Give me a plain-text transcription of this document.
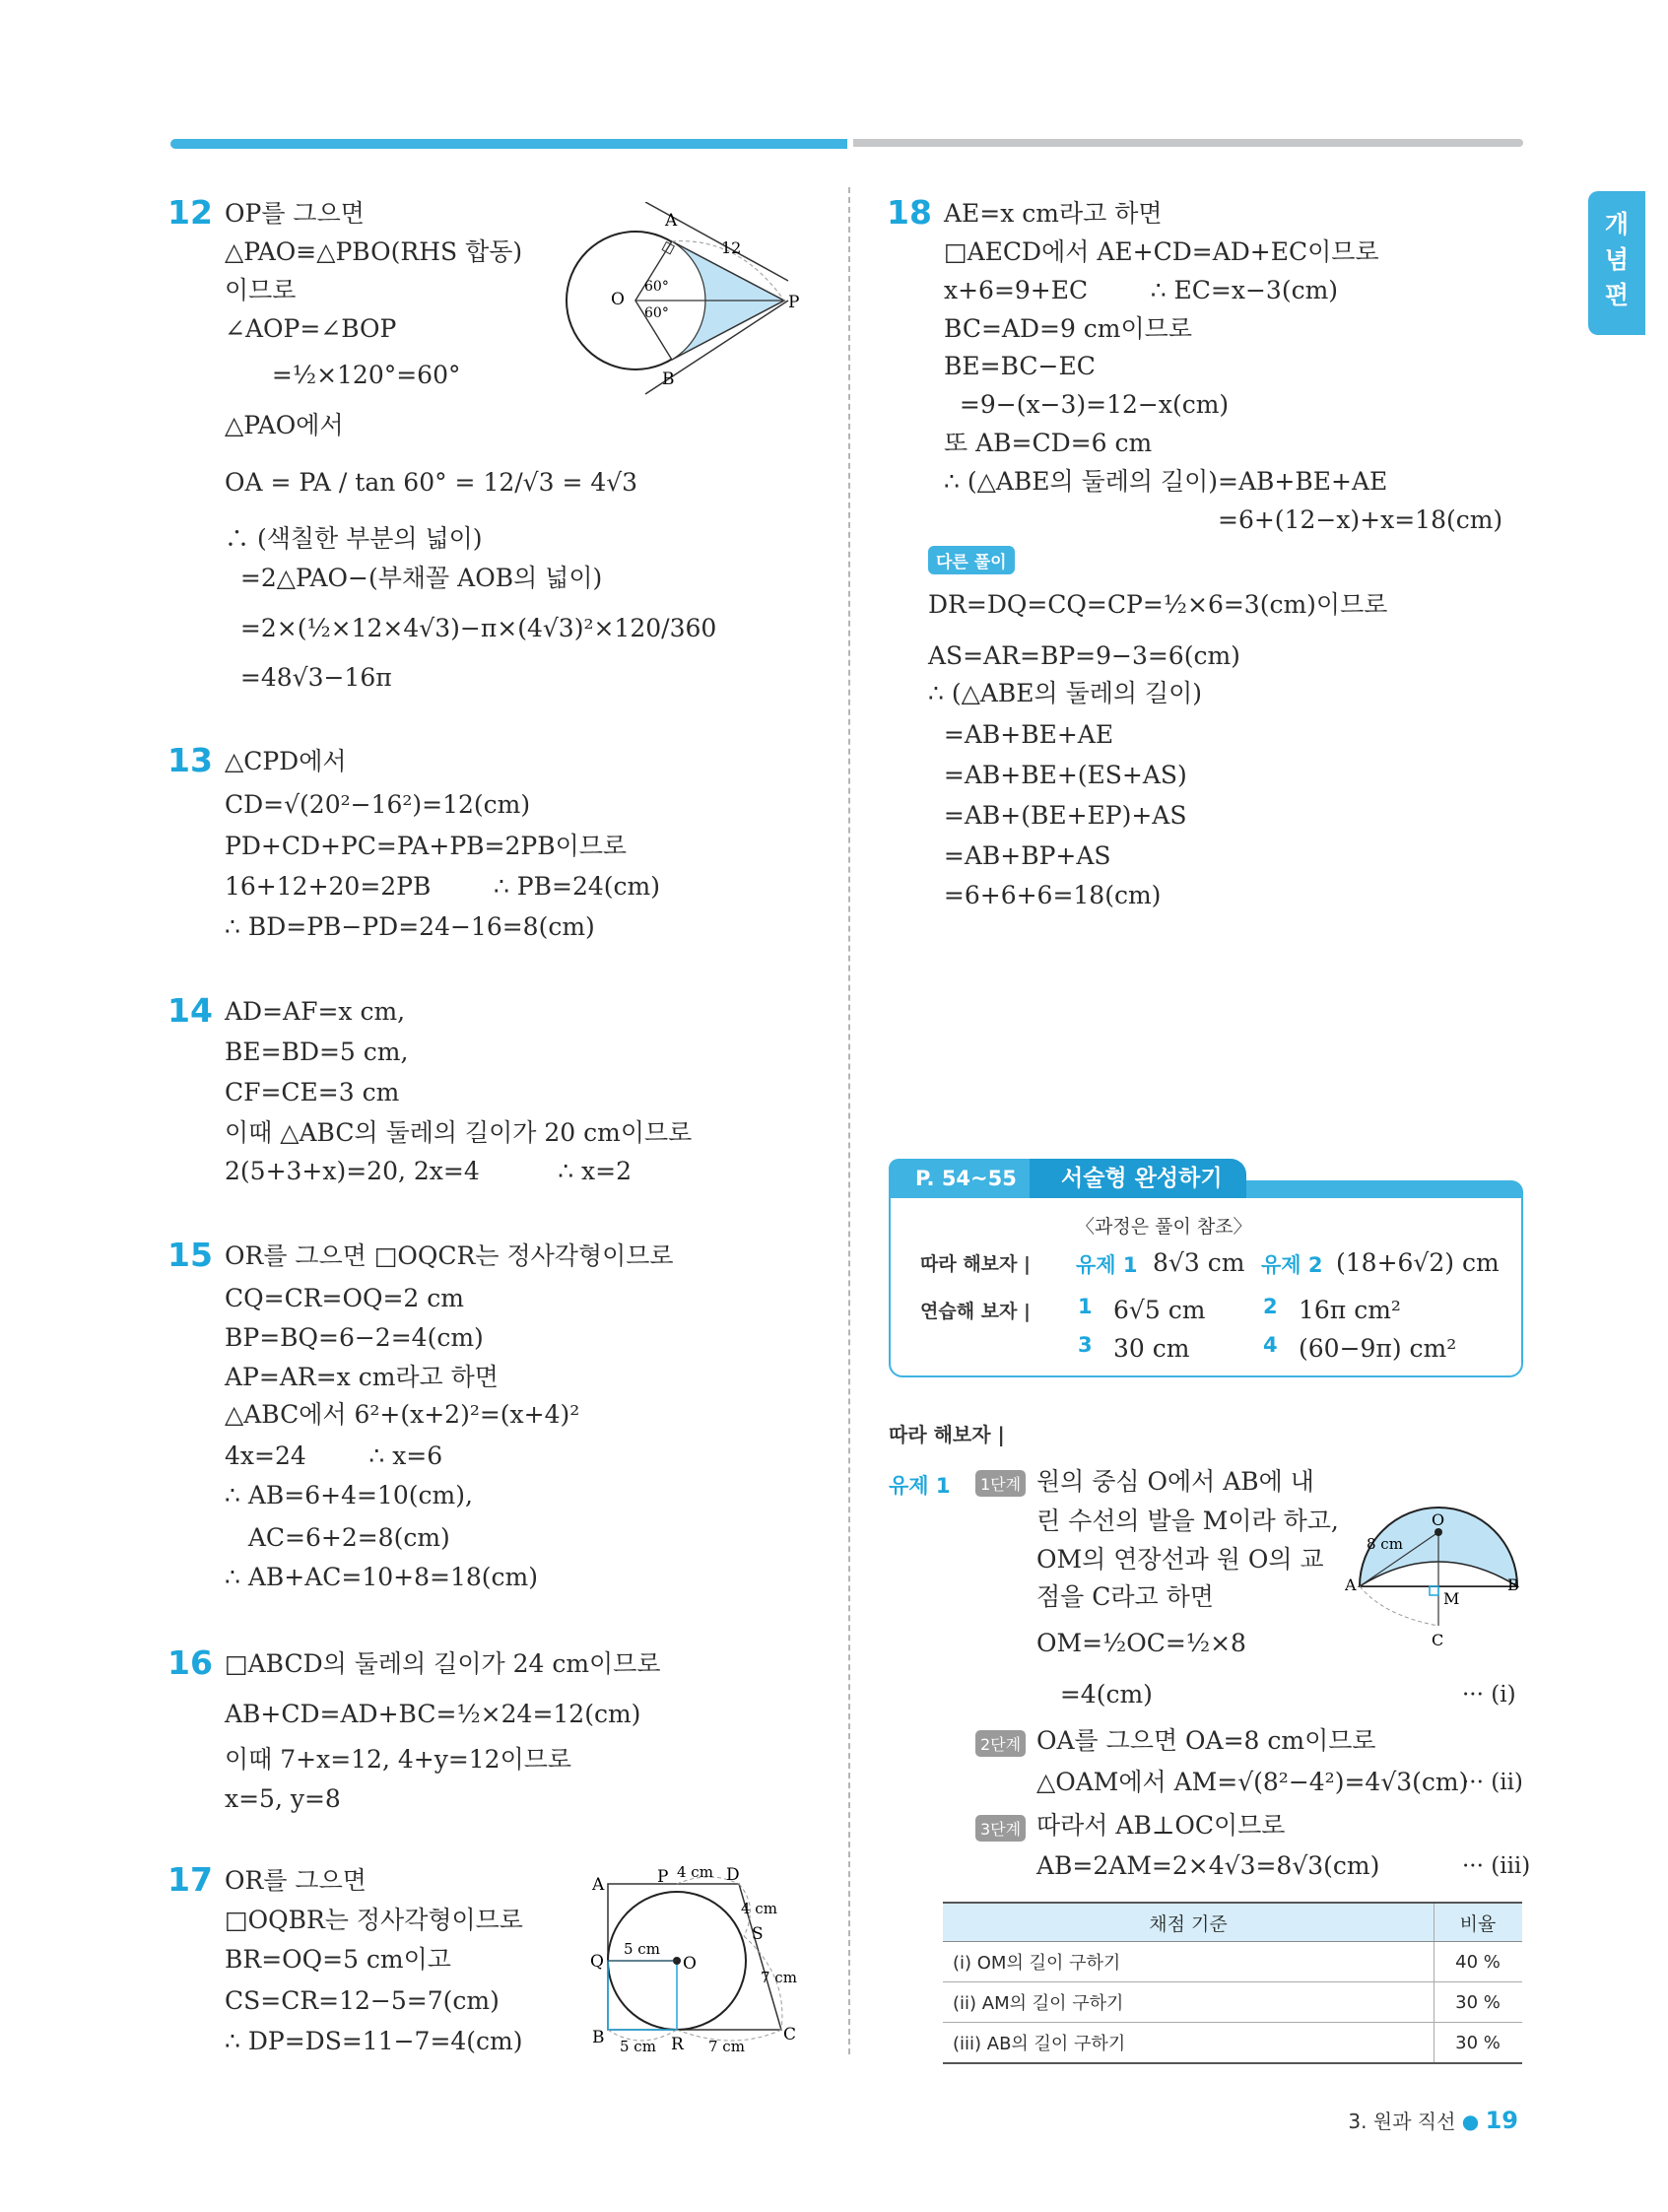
개
념
편
12 OP를 그으면
△PAO≡△PBO(RHS 합동)
이므로
∠AOP=∠BOP
=½×120°=60°
△PAO에서
OA = PA / tan 60° = 12/√3 = 4√3
∴ (색칠한 부분의 넓이)
=2△PAO−(부채꼴 AOB의 넓이)
=2×(½×12×4√3)−π×(4√3)²×120/360
=48√3−16π
A
B
O	P
12
60°
60°
13 △CPD에서
CD=√(20²−16²)=12(cm)
PD+CD+PC=PA+PB=2PB이므로
16+12+20=2PB        ∴ PB=24(cm)
∴ BD=PB−PD=24−16=8(cm)
14 AD=AF=x cm,
BE=BD=5 cm,
CF=CE=3 cm
이때 △ABC의 둘레의 길이가 20 cm이므로
2(5+3+x)=20, 2x=4          ∴ x=2
15 OR를 그으면 □OQCR는 정사각형이므로
CQ=CR=OQ=2 cm
BP=BQ=6−2=4(cm)
AP=AR=x cm라고 하면
△ABC에서 6²+(x+2)²=(x+4)²
4x=24        ∴ x=6
∴ AB=6+4=10(cm),
AC=6+2=8(cm)
∴ AB+AC=10+8=18(cm)
16 □ABCD의 둘레의 길이가 24 cm이므로
AB+CD=AD+BC=½×24=12(cm)
이때 7+x=12, 4+y=12이므로
x=5, y=8
17 OR를 그으면
□OQBR는 정사각형이므로
BR=OQ=5 cm이고
CS=CR=12−5=7(cm)
∴ DP=DS=11−7=4(cm)
A
B	C
D
P
Q
R
S
O
4 cm
4 cm
5 cm
7 cm
5 cm	7 cm
18 AE=x cm라고 하면
□AECD에서 AE+CD=AD+EC이므로
x+6=9+EC        ∴ EC=x−3(cm)
BC=AD=9 cm이므로
BE=BC−EC
=9−(x−3)=12−x(cm)
또 AB=CD=6 cm
∴ (△ABE의 둘레의 길이)=AB+BE+AE
=6+(12−x)+x=18(cm)
다른 풀이
DR=DQ=CQ=CP=½×6=3(cm)이므로
AS=AR=BP=9−3=6(cm)
∴ (△ABE의 둘레의 길이)
=AB+BE+AE
=AB+BE+(ES+AS)
=AB+(BE+EP)+AS
=AB+BP+AS
=6+6+6=18(cm)
P. 54~55	서술형 완성하기
〈과정은 풀이 참조〉
따라 해보자 | 유제 1 8√3 cm 유제 2 (18+6√2) cm
연습해 보자 | 1 6√5 cm	2 16π cm²
3 30 cm	4 (60−9π) cm²
따라 해보자 |
유제 1	1단계 원의 중심 O에서 AB에 내
린 수선의 발을 M이라 하고,
OM의 연장선과 원 O의 교
점을 C라고 하면
OM=½OC=½×8
=4(cm)	··· (i)
2단계 OA를 그으면 OA=8 cm이므로
△OAM에서 AM=√(8²−4²)=4√3(cm)
··· (ii)
3단계 따라서 AB⊥OC이므로
AB=2AM=2×4√3=8√3(cm)	··· (iii)
O
A	B
M
C
8 cm
채점 기준	비율
(i) OM의 길이 구하기	40 %
(ii) AM의 길이 구하기	30 %
(iii) AB의 길이 구하기	30 %
3. 원과 직선 ● 19
